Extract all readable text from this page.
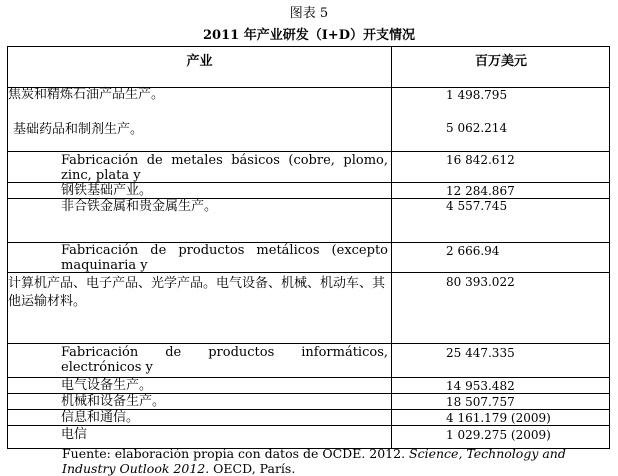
图表 5
2011 年产业研发（I+D）开支情况
产业	百万美元
焦炭和精炼石油产品生产。
基础药品和制剂生产。
Fabricación de metales básicos (cobre, plomo, zinc, plata y
钢铁基础产业。
非合铁金属和贵金属生产。
Fabricación de productos metálicos (excepto maquinaria y
计算机产品、电子产品、光学产品。电气设备、机械、机动车、其他运输材料。
Fabricación de productos informáticos, electrónicos y
电气设备生产。
机械和设备生产。
信息和通信。
电信
1 498.795
5 062.214
16 842.612
12 284.867
4 557.745
2 666.94
80 393.022
25 447.335
14 953.482
18 507.757
4 161.179 (2009)
1 029.275 (2009)
Fuente: elaboración propia con datos de OCDE. 2012. Science, Technology and Industry Outlook 2012. OECD, París.
